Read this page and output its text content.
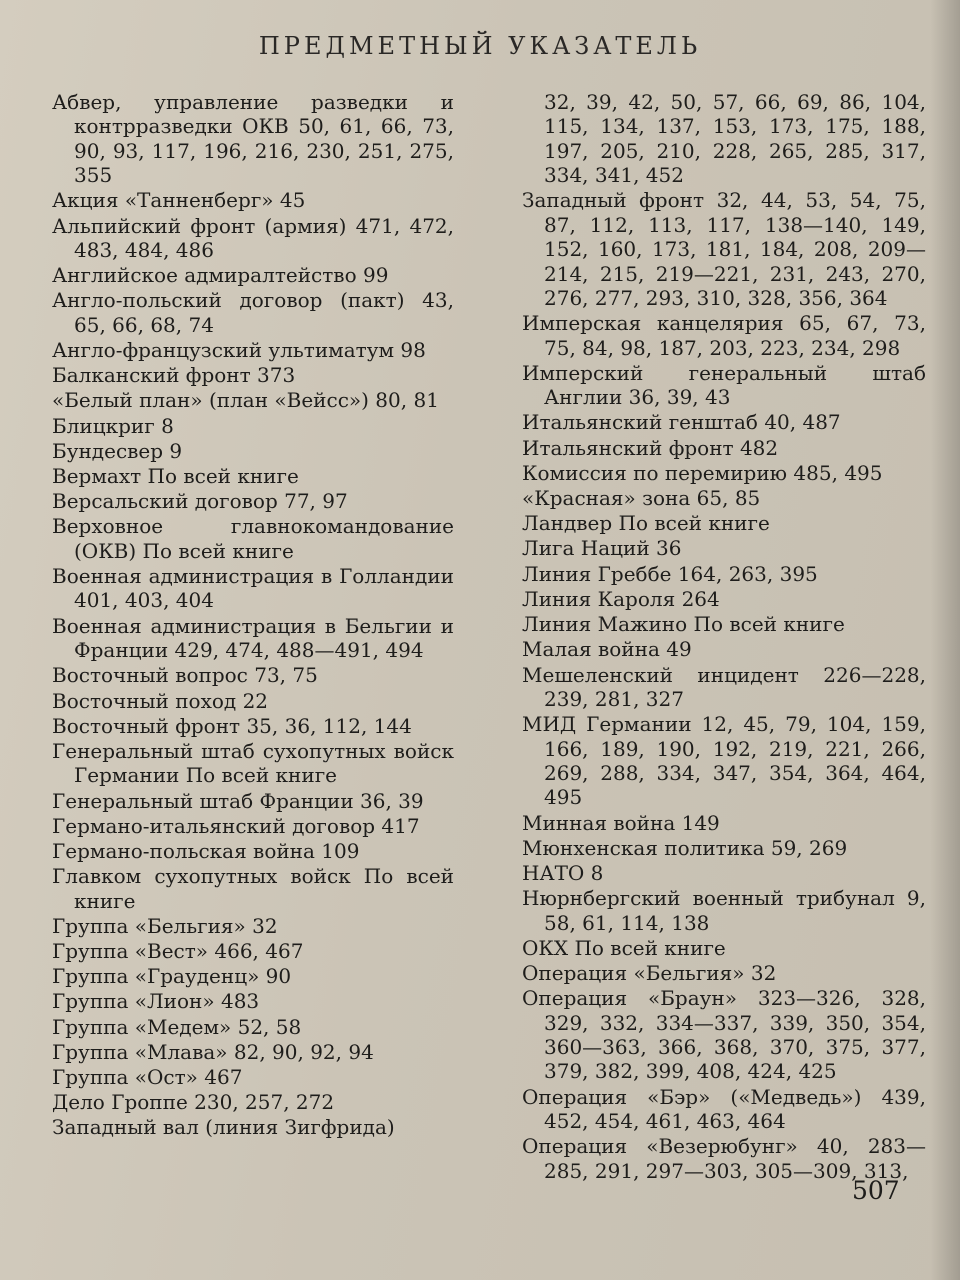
ПРЕДМЕТНЫЙ УКАЗАТЕЛЬ
Абвер, управление разведки и контрразведки ОКВ 50, 61, 66, 73, 90, 93, 117, 196, 216, 230, 251, 275, 355
Акция «Танненберг» 45
Альпийский фронт (армия) 471, 472, 483, 484, 486
Английское адмиралтейство 99
Англо-польский договор (пакт) 43, 65, 66, 68, 74
Англо-французский ультиматум 98
Балканский фронт 373
«Белый план» (план «Вейсс») 80, 81
Блицкриг 8
Бундесвер 9
Вермахт По всей книге
Версальский договор 77, 97
Верховное главнокомандование (ОКВ) По всей книге
Военная администрация в Голландии 401, 403, 404
Военная администрация в Бельгии и Франции 429, 474, 488—491, 494
Восточный вопрос 73, 75
Восточный поход 22
Восточный фронт 35, 36, 112, 144
Генеральный штаб сухопутных войск Германии По всей книге
Генеральный штаб Франции 36, 39
Германо-итальянский договор 417
Германо-польская война 109
Главком сухопутных войск По всей книге
Группа «Бельгия» 32
Группа «Вест» 466, 467
Группа «Грауденц» 90
Группа «Лион» 483
Группа «Медем» 52, 58
Группа «Млава» 82, 90, 92, 94
Группа «Ост» 467
Дело Гроппе 230, 257, 272
Западный вал (линия Зигфрида)
32, 39, 42, 50, 57, 66, 69, 86, 104, 115, 134, 137, 153, 173, 175, 188, 197, 205, 210, 228, 265, 285, 317, 334, 341, 452
Западный фронт 32, 44, 53, 54, 75, 87, 112, 113, 117, 138—140, 149, 152, 160, 173, 181, 184, 208, 209—214, 215, 219—221, 231, 243, 270, 276, 277, 293, 310, 328, 356, 364
Имперская канцелярия 65, 67, 73, 75, 84, 98, 187, 203, 223, 234, 298
Имперский генеральный штаб Англии 36, 39, 43
Итальянский генштаб 40, 487
Итальянский фронт 482
Комиссия по перемирию 485, 495
«Красная» зона 65, 85
Ландвер По всей книге
Лига Наций 36
Линия Греббе 164, 263, 395
Линия Кароля 264
Линия Мажино По всей книге
Малая война 49
Мешеленский инцидент 226—228, 239, 281, 327
МИД Германии 12, 45, 79, 104, 159, 166, 189, 190, 192, 219, 221, 266, 269, 288, 334, 347, 354, 364, 464, 495
Минная война 149
Мюнхенская политика 59, 269
НАТО 8
Нюрнбергский военный трибунал 9, 58, 61, 114, 138
ОКХ По всей книге
Операция «Бельгия» 32
Операция «Браун» 323—326, 328, 329, 332, 334—337, 339, 350, 354, 360—363, 366, 368, 370, 375, 377, 379, 382, 399, 408, 424, 425
Операция «Бэр» («Медведь») 439, 452, 454, 461, 463, 464
Операция «Везерюбунг» 40, 283—285, 291, 297—303, 305—309, 313,
507
